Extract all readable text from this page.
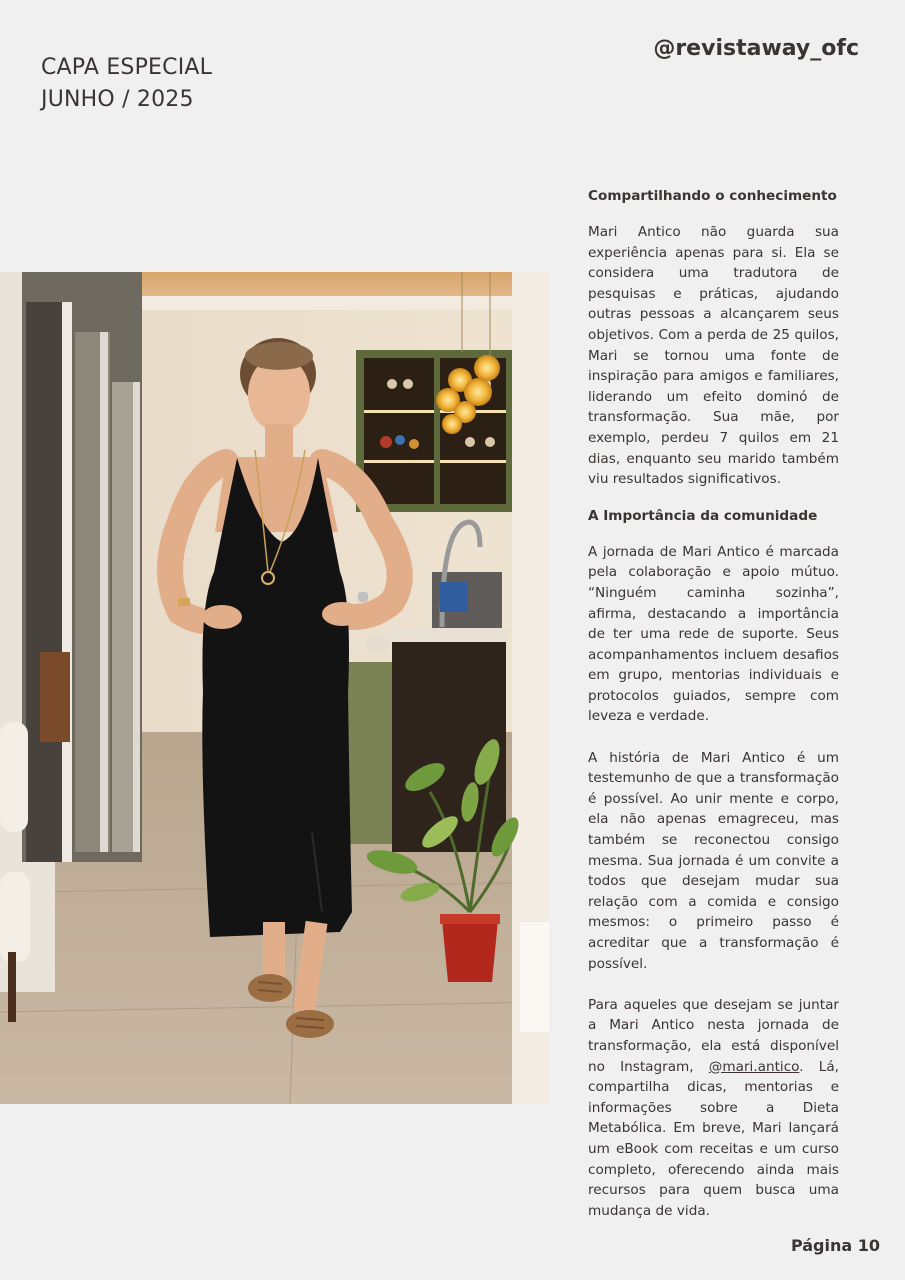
CAPA ESPECIAL
JUNHO / 2025
@revistaway_ofc
Compartilhando o conhecimento

Mari Antico não guarda sua experiência apenas para si. Ela se considera uma tradutora de pesquisas e práticas, ajudando outras pessoas a alcançarem seus objetivos. Com a perda de 25 quilos, Mari se tornou uma fonte de inspiração para amigos e familiares, liderando um efeito dominó de transformação. Sua mãe, por exemplo, perdeu 7 quilos em 21 dias, enquanto seu marido também viu resultados significativos.

A Importância da comunidade

A jornada de Mari Antico é marcada pela colaboração e apoio mútuo. “Ninguém caminha sozinha”, afirma, destacando a importância de ter uma rede de suporte. Seus acompanhamentos incluem desafios em grupo, mentorias individuais e protocolos guiados, sempre com leveza e verdade.

A história de Mari Antico é um testemunho de que a transformação é possível. Ao unir mente e corpo, ela não apenas emagreceu, mas também se reconectou consigo mesma. Sua jornada é um convite a todos que desejam mudar sua relação com a comida e consigo mesmos: o primeiro passo é acreditar que a transformação é possível.

Para aqueles que desejam se juntar a Mari Antico nesta jornada de transformação, ela está disponível no Instagram, @mari.antico. Lá, compartilha dicas, mentorias e informações sobre a Dieta Metabólica. Em breve, Mari lançará um eBook com receitas e um curso completo, oferecendo ainda mais recursos para quem busca uma mudança de vida.

Página 10
